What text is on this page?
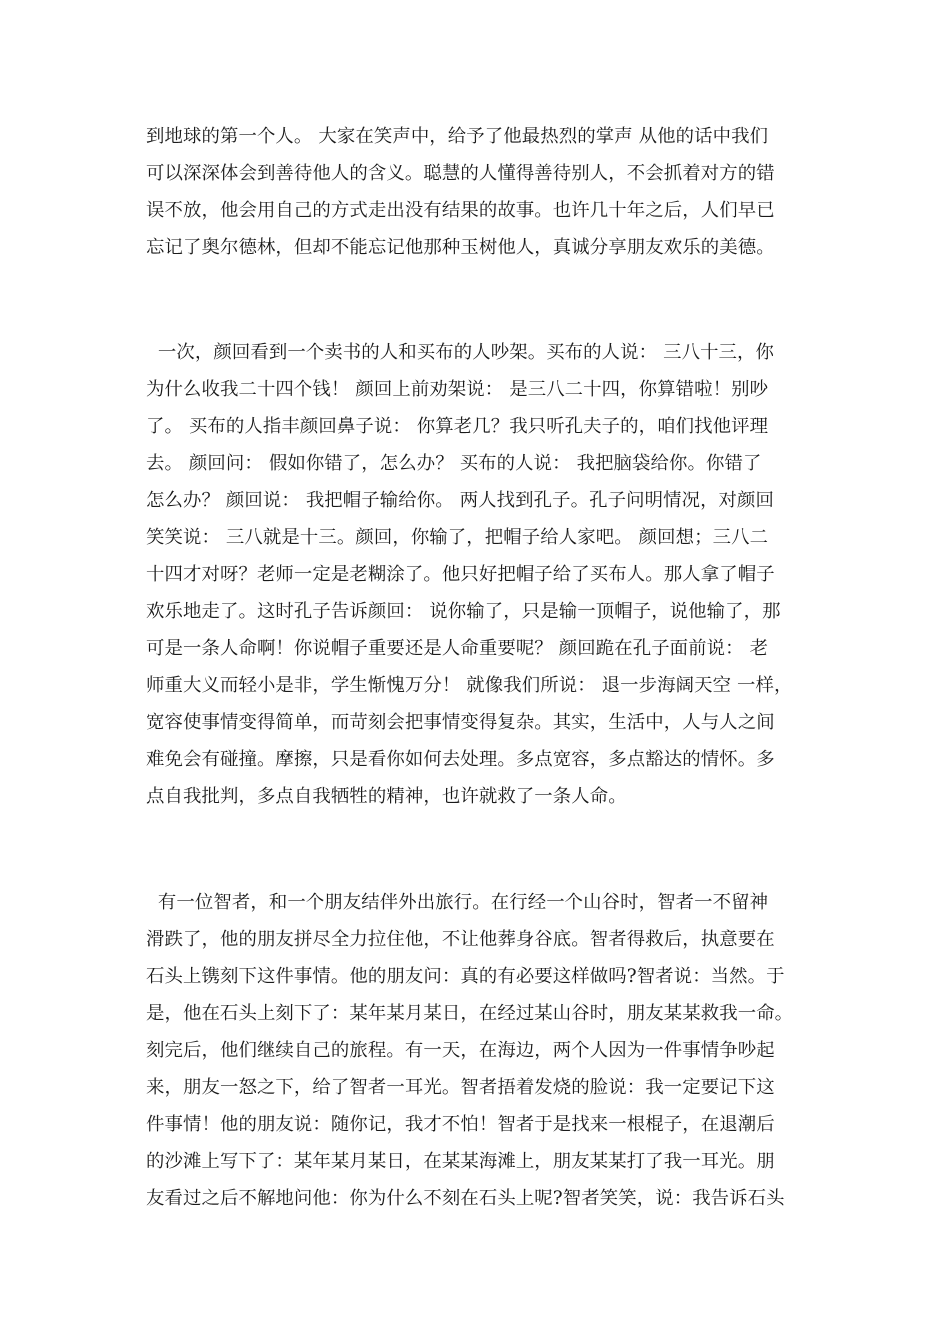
到地球的第一个人。 大家在笑声中，给予了他最热烈的掌声 从他的话中我们
可以深深体会到善待他人的含义。聪慧的人懂得善待别人，不会抓着对方的错
误不放，他会用自己的方式走出没有结果的故事。也许几十年之后，人们早已
忘记了奥尔德林，但却不能忘记他那种玉树他人，真诚分享朋友欢乐的美德。
一次，颜回看到一个卖书的人和买布的人吵架。买布的人说： 三八十三，你
为什么收我二十四个钱！ 颜回上前劝架说： 是三八二十四，你算错啦！别吵
了。 买布的人指丰颜回鼻子说： 你算老几？我只听孔夫子的，咱们找他评理
去。 颜回问： 假如你错了，怎么办？ 买布的人说： 我把脑袋给你。你错了
怎么办？ 颜回说： 我把帽子输给你。 两人找到孔子。孔子问明情况，对颜回
笑笑说： 三八就是十三。颜回，你输了，把帽子给人家吧。 颜回想；三八二
十四才对呀？老师一定是老糊涂了。他只好把帽子给了买布人。那人拿了帽子
欢乐地走了。这时孔子告诉颜回： 说你输了，只是输一顶帽子，说他输了，那
可是一条人命啊！你说帽子重要还是人命重要呢？ 颜回跪在孔子面前说： 老
师重大义而轻小是非，学生惭愧万分！ 就像我们所说： 退一步海阔天空 一样，
宽容使事情变得简单，而苛刻会把事情变得复杂。其实，生活中，人与人之间
难免会有碰撞。摩擦，只是看你如何去处理。多点宽容，多点豁达的情怀。多
点自我批判，多点自我牺牲的精神，也许就救了一条人命。
有一位智者，和一个朋友结伴外出旅行。在行经一个山谷时，智者一不留神
滑跌了，他的朋友拼尽全力拉住他，不让他葬身谷底。智者得救后，执意要在
石头上镌刻下这件事情。他的朋友问：真的有必要这样做吗?智者说：当然。于
是，他在石头上刻下了：某年某月某日，在经过某山谷时，朋友某某救我一命。
刻完后，他们继续自己的旅程。有一天，在海边，两个人因为一件事情争吵起
来，朋友一怒之下，给了智者一耳光。智者捂着发烧的脸说：我一定要记下这
件事情！他的朋友说：随你记，我才不怕！智者于是找来一根棍子，在退潮后
的沙滩上写下了：某年某月某日，在某某海滩上，朋友某某打了我一耳光。朋
友看过之后不解地问他：你为什么不刻在石头上呢?智者笑笑，说：我告诉石头
